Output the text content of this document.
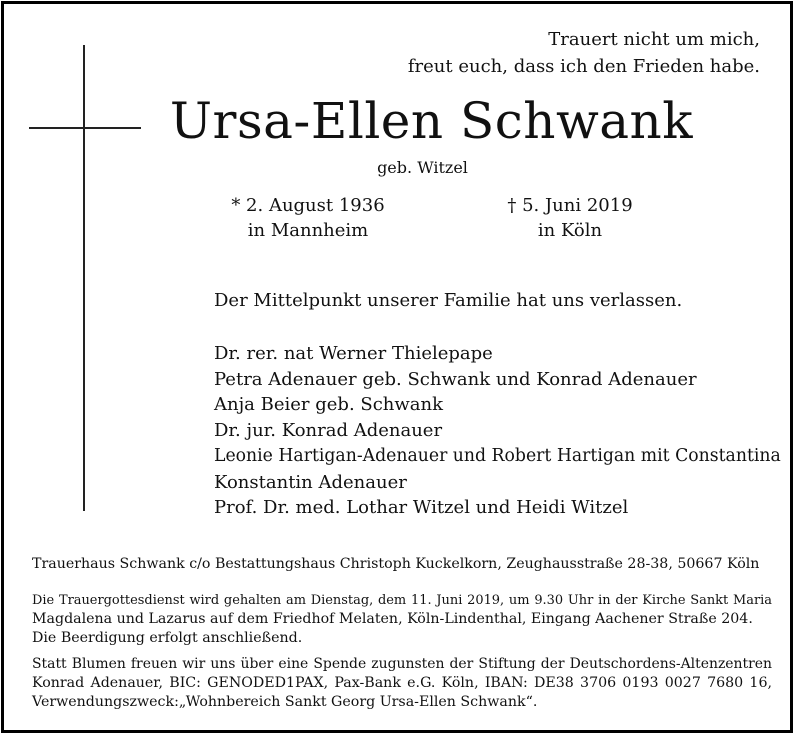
Trauert nicht um mich,
freut euch, dass ich den Frieden habe.
Ursa-Ellen Schwank
geb. Witzel
* 2. August 1936
in Mannheim
† 5. Juni 2019
in Köln
Der Mittelpunkt unserer Familie hat uns verlassen.
Dr. rer. nat Werner Thielepape
Petra Adenauer geb. Schwank und Konrad Adenauer
Anja Beier geb. Schwank
Dr. jur. Konrad Adenauer
Leonie Hartigan-Adenauer und Robert Hartigan mit Constantina
Konstantin Adenauer
Prof. Dr. med. Lothar Witzel und Heidi Witzel
Trauerhaus Schwank c/o Bestattungshaus Christoph Kuckelkorn, Zeughausstraße 28-38, 50667 Köln
Die Trauergottesdienst wird gehalten am Dienstag, dem 11. Juni 2019, um 9.30 Uhr in der Kirche Sankt Maria
Magdalena und Lazarus auf dem Friedhof Melaten, Köln-Lindenthal, Eingang Aachener Straße 204.
Die Beerdigung erfolgt anschließend.
Statt Blumen freuen wir uns über eine Spende zugunsten der Stiftung der Deutschordens-Altenzentren
Konrad Adenauer, BIC: GENODED1PAX, Pax-Bank e.G. Köln, IBAN: DE38 3706 0193 0027 7680 16,
Verwendungszweck:„Wohnbereich Sankt Georg Ursa-Ellen Schwank“.
